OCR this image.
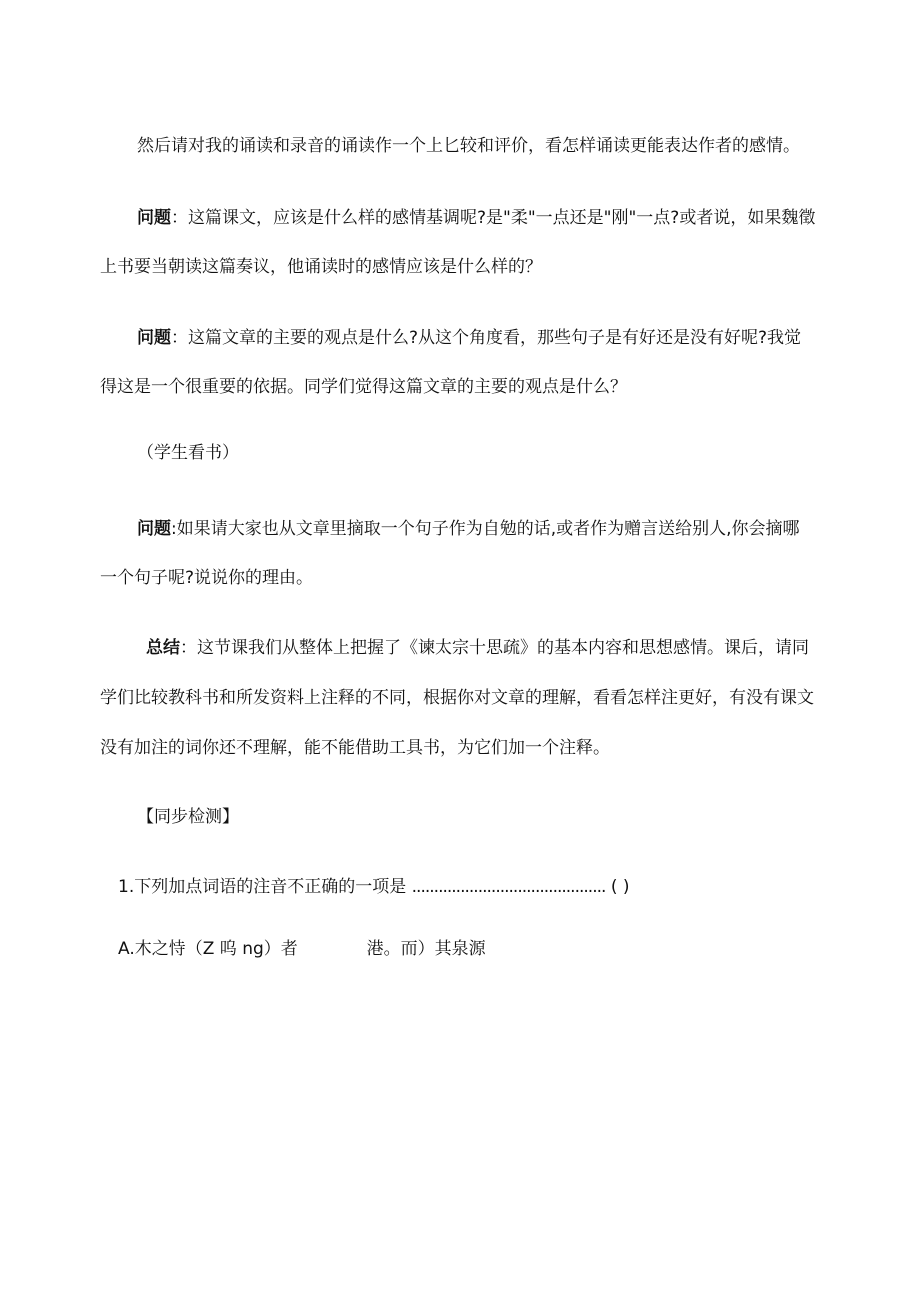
然后请对我的诵读和录音的诵读作一个上匕较和评价，看怎样诵读更能表达作者的感情。
问题：这篇课文，应该是什么样的感情基调呢?是"柔"一点还是"刚"一点?或者说，如果魏徵
上书要当朝读这篇奏议，他诵读时的感情应该是什么样的？
问题：这篇文章的主要的观点是什么?从这个角度看，那些句子是有好还是没有好呢?我觉
得这是一个很重要的依据。同学们觉得这篇文章的主要的观点是什么？
（学生看书）
问题:如果请大家也从文章里摘取一个句子作为自勉的话,或者作为赠言送给别人,你会摘哪
一个句子呢?说说你的理由。
总结：这节课我们从整体上把握了《谏太宗十思疏》的基本内容和思想感情。课后，请同
学们比较教科书和所发资料上注释的不同，根据你对文章的理解，看看怎样注更好，有没有课文
没有加注的词你还不理解，能不能借助工具书，为它们加一个注释。
【同步检测】
1.下列加点词语的注音不正确的一项是 ............................................ ( )
A.木之恃（Z 呜 ng）者	港。而）其泉源
